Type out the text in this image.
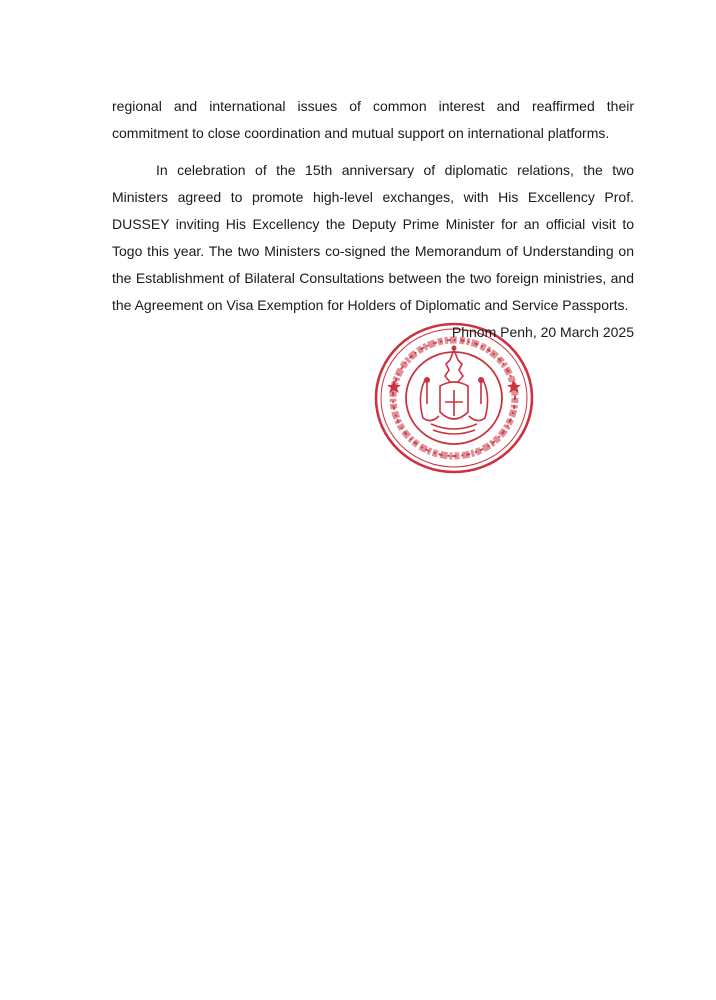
regional and international issues of common interest and reaffirmed their commitment to close coordination and mutual support on international platforms.

In celebration of the 15th anniversary of diplomatic relations, the two Ministers agreed to promote high-level exchanges, with His Excellency Prof. DUSSEY inviting His Excellency the Deputy Prime Minister for an official visit to Togo this year. The two Ministers co-signed the Memorandum of Understanding on the Establishment of Bilateral Consultations between the two foreign ministries, and the Agreement on Visa Exemption for Holders of Diplomatic and Service Passports.

Phnom Penh, 20 March 2025
